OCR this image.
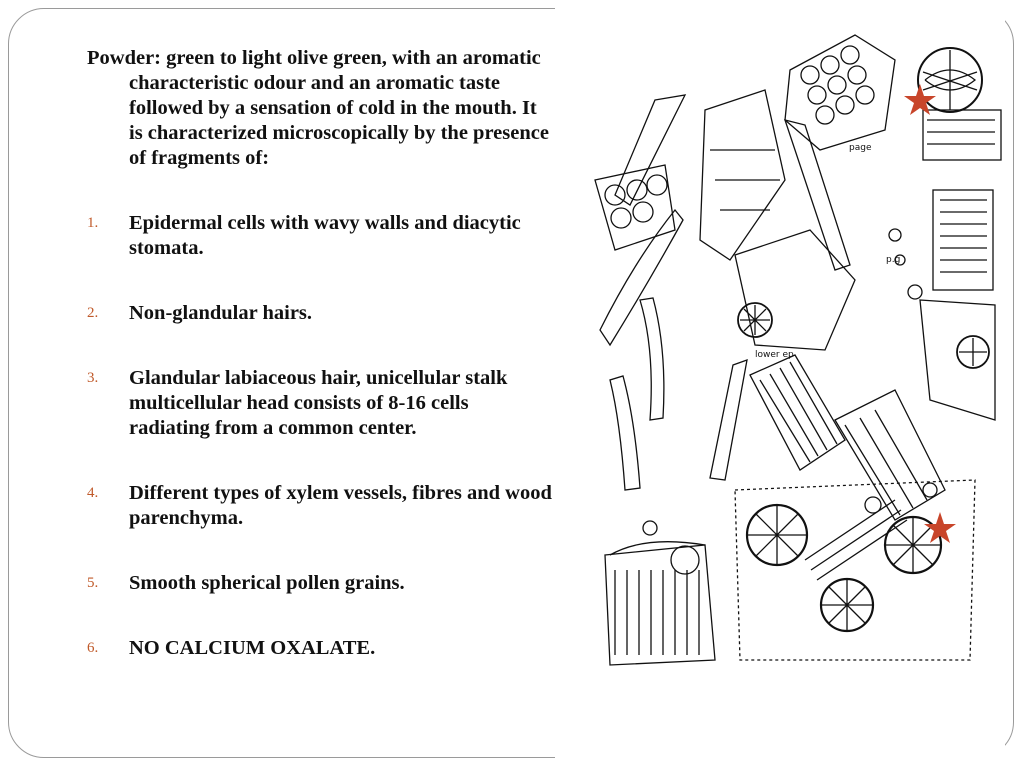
Powder: green to light olive green, with an aromatic characteristic odour and an aromatic taste followed by a sensation of cold in the mouth. It is characterized microscopically by the presence of fragments of:

1.	Epidermal cells with wavy walls and diacytic stomata.
2.	Non-glandular hairs.
3.	Glandular labiaceous hair, unicellular stalk multicellular head consists of 8-16 cells radiating from a common center.
4.	Different types of xylem vessels, fibres and wood parenchyma.
5.	Smooth spherical pollen grains.
6.	NO CALCIUM OXALATE.
page
p.g
lower ep
